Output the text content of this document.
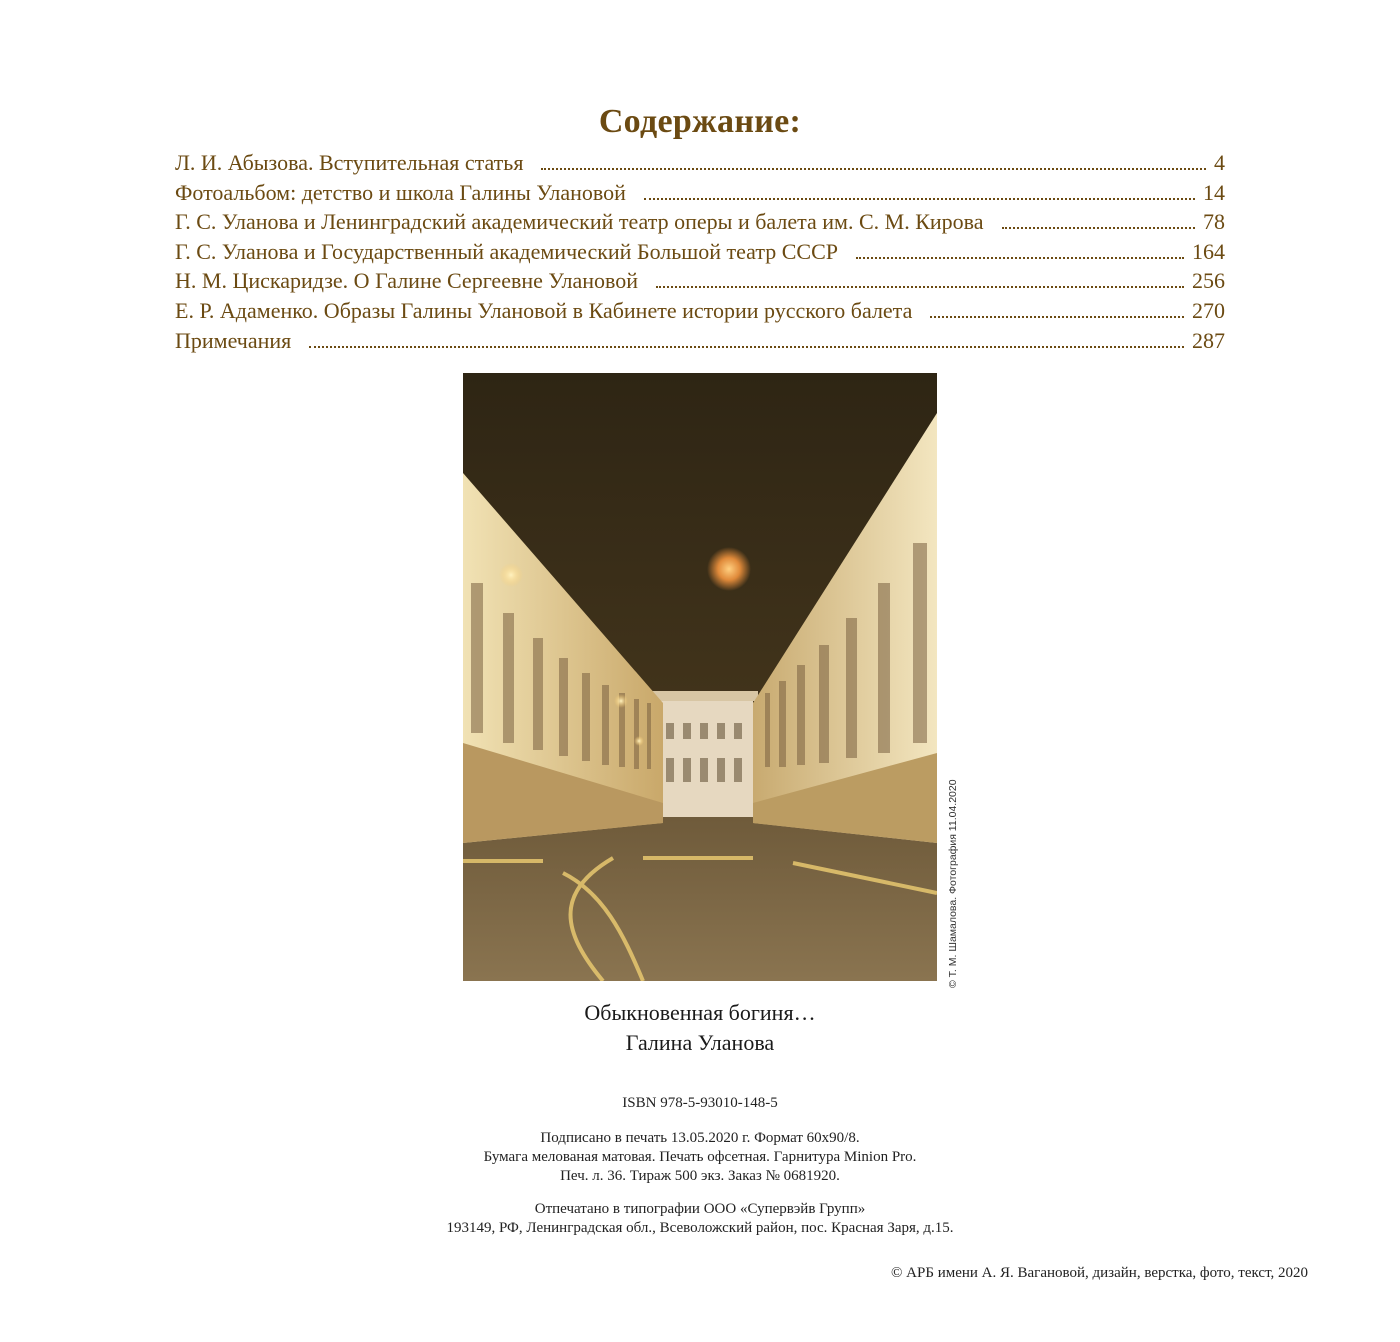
Содержание:
Л. И. Абызова. Вступительная статья	4
Фотоальбом: детство и школа Галины Улановой	14
Г. С. Уланова и Ленинградский академический театр оперы и балета им. С. М. Кирова	78
Г. С. Уланова и Государственный академический Большой театр СССР	164
Н. М. Цискаридзе. О Галине Сергеевне Улановой	256
Е. Р. Адаменко. Образы Галины Улановой в Кабинете истории русского балета	270
Примечания	287
© Т. М. Шамалова. Фотография 11.04.2020
Обыкновенная богиня…
Галина Уланова
ISBN 978-5-93010-148-5
Подписано в печать 13.05.2020 г. Формат 60х90/8.
Бумага мелованая матовая. Печать офсетная. Гарнитура Minion Pro.
Печ. л. 36. Тираж 500 экз. Заказ № 0681920.
Отпечатано в типографии ООО «Супервэйв Групп»
193149, РФ, Ленинградская обл., Всеволожский район, пос. Красная Заря, д.15.
© АРБ имени А. Я. Вагановой, дизайн, верстка, фото, текст, 2020
